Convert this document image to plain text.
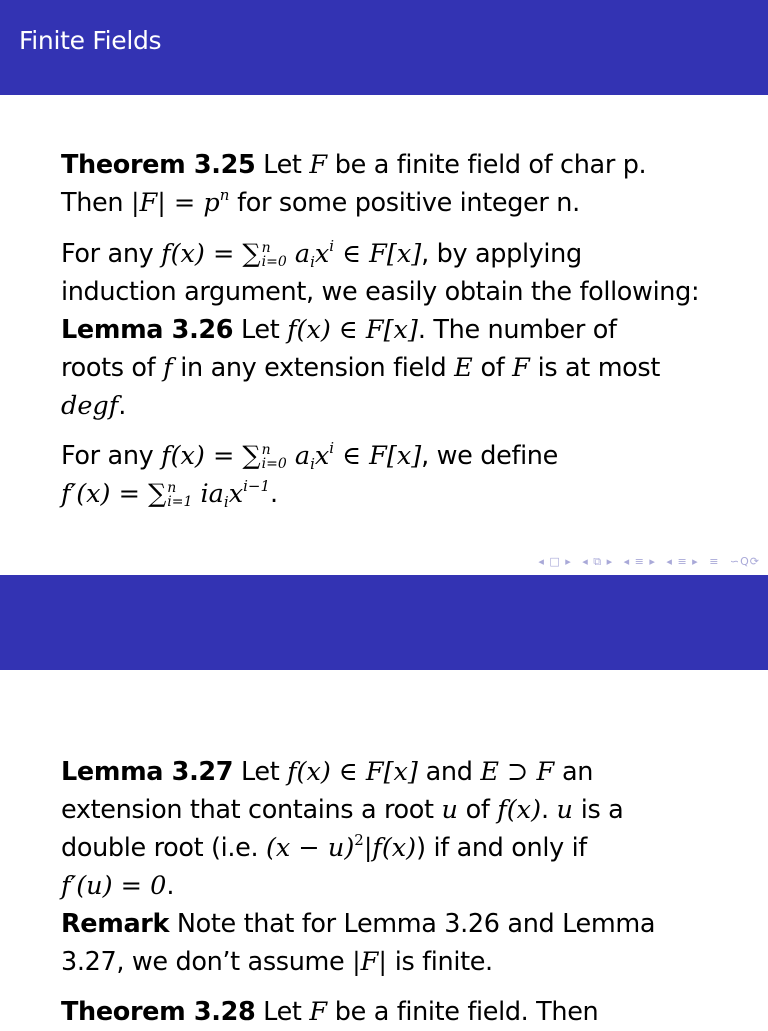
Finite Fields

Theorem 3.25 Let F be a finite field of char p.
Then $|F| = p^n$ for some positive integer n.

For any f(x) = ∑ n
i=0 $a_ix^i$ ∈ F[x], by applying
induction argument, we easily obtain the following:

Lemma 3.26 Let f(x) ∈ F[x]. The number of
roots of f in any extension field E of F is at most
degf.

For any f(x) = ∑ n
i=0 $a_ix^i$ ∈ F[x], we define
f′(x) = ∑ n
i=1 $ia_ix^{i-1}$.

◂ □ ▸ ◂ ⧉ ▸ ◂ ≡ ▸ ◂ ≡ ▸ ≡ ∽⁠Q⁠⟳

Lemma 3.27 Let f(x) ∈ F[x] and E ⊃ F an
extension that contains a root u of f(x). u is a
double root (i.e. $(x - u)^2|f(x)$) if and only if
f′(u) = 0.

Remark Note that for Lemma 3.26 and Lemma
3.27, we don’t assume |F| is finite.

Theorem 3.28 Let F be a finite field. Then
